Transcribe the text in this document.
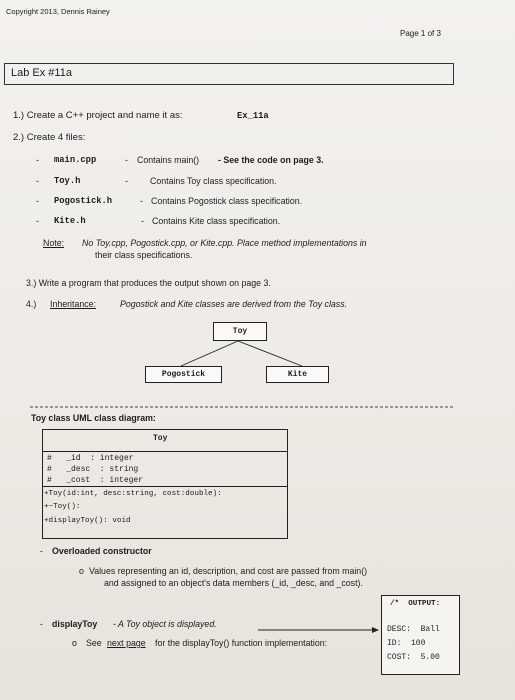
Copyright 2013, Dennis Rainey
Page 1 of 3
Lab Ex #11a
1.) Create a C++ project and name it as:	Ex_11a
2.) Create 4 files:
- main.cpp	- Contains main() - See the code on page 3.
- Toy.h	-	Contains Toy class specification.
- Pogostick.h	- Contains Pogostick class specification.
- Kite.h	- Contains Kite class specification.
Note: No Toy.cpp, Pogostick.cpp, or Kite.cpp. Place method implementations in
their class specifications.
3.) Write a program that produces the output shown on page 3.
4.) Inheritance:	Pogostick and Kite classes are derived from the Toy class.
Toy
Pogostick	Kite
Toy class UML class diagram:
Toy
#   _id  : integer
#   _desc  : string
#   _cost  : integer
+Toy(id:int, desc:string, cost:double):
+~Toy():
+displayToy(): void
- Overloaded constructor
o Values representing an id, description, and cost are passed from main()
and assigned to an object's data members (_id, _desc, and _cost).
- displayToy - A Toy object is displayed.
o See next page for the displayToy() function implementation:
/*  OUTPUT:
DESC:  Ball
ID:  100
COST:  5.00
